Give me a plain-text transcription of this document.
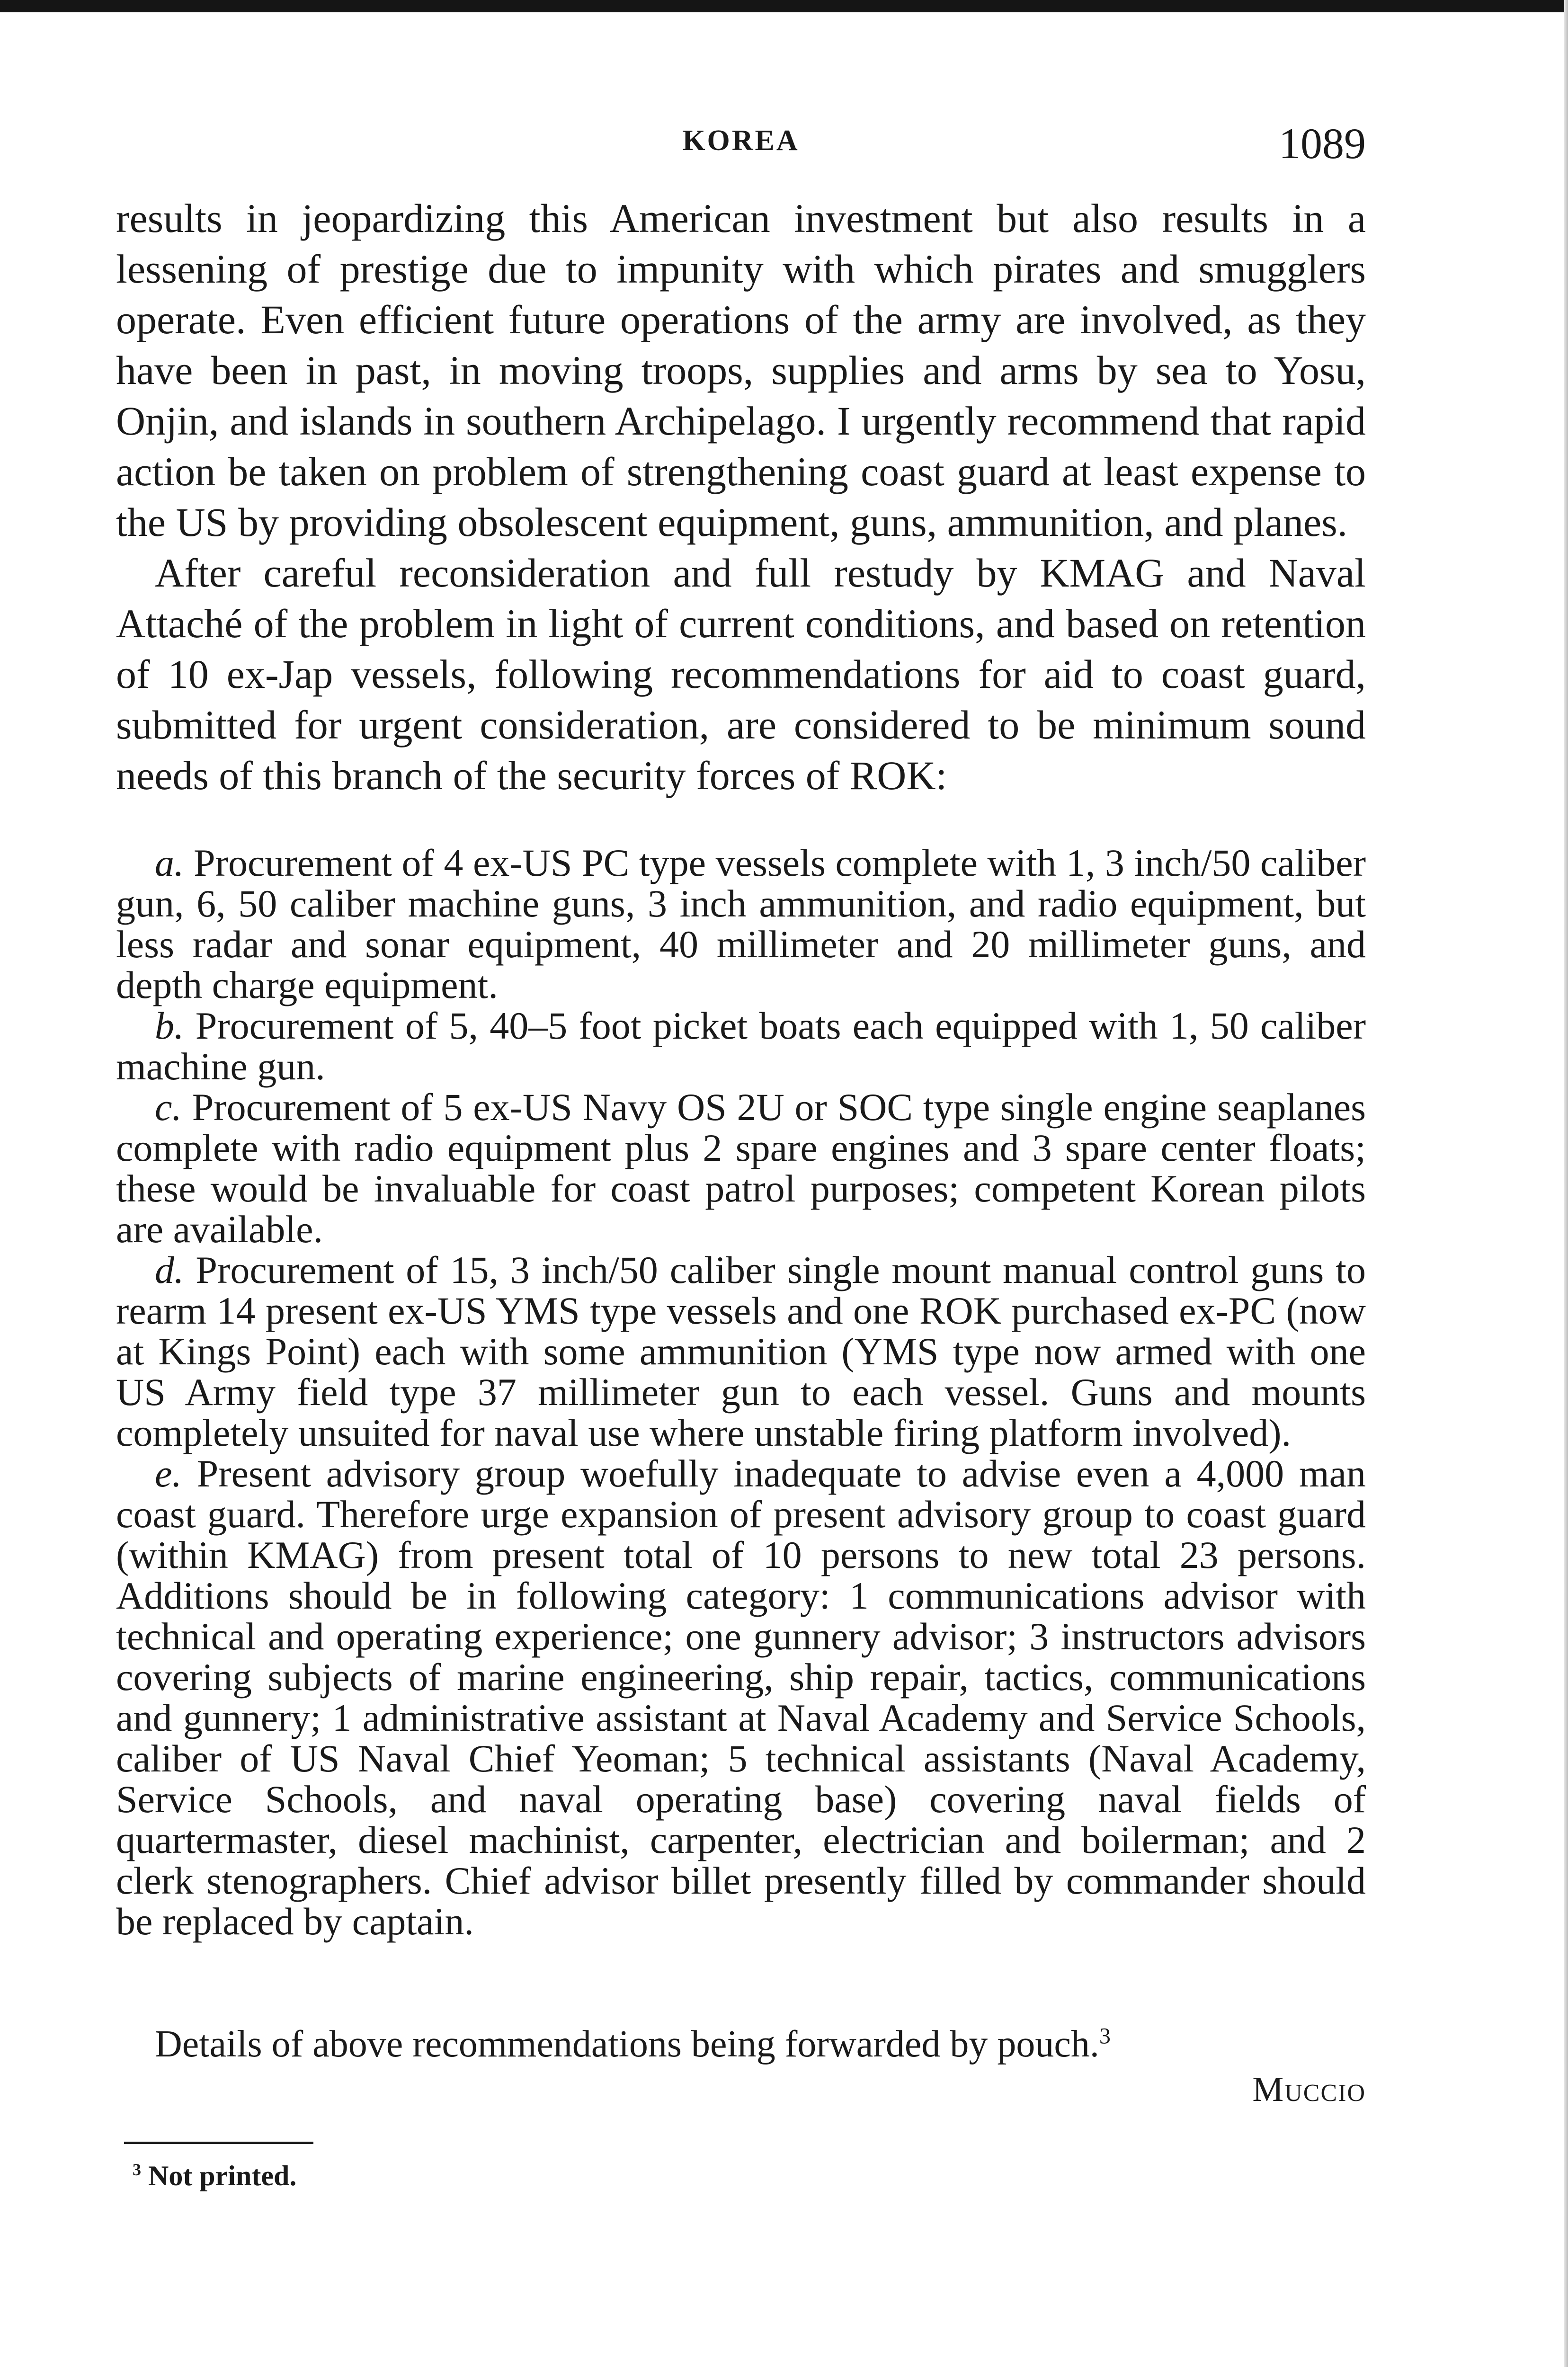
KOREA	1089

results in jeopardizing this American investment but also results in a lessening of prestige due to impunity with which pirates and smugglers operate. Even efficient future operations of the army are involved, as they have been in past, in moving troops, supplies and arms by sea to Yosu, Onjin, and islands in southern Archipelago. I urgently recommend that rapid action be taken on problem of strengthening coast guard at least expense to the US by providing obsolescent equipment, guns, ammunition, and planes.

After careful reconsideration and full restudy by KMAG and Naval Attaché of the problem in light of current conditions, and based on retention of 10 ex-Jap vessels, following recommendations for aid to coast guard, submitted for urgent consideration, are considered to be minimum sound needs of this branch of the security forces of ROK:

a. Procurement of 4 ex-US PC type vessels complete with 1, 3 inch/50 caliber gun, 6, 50 caliber machine guns, 3 inch ammunition, and radio equipment, but less radar and sonar equipment, 40 millimeter and 20 millimeter guns, and depth charge equipment.

b. Procurement of 5, 40–5 foot picket boats each equipped with 1, 50 caliber machine gun.

c. Procurement of 5 ex-US Navy OS 2U or SOC type single engine seaplanes complete with radio equipment plus 2 spare engines and 3 spare center floats; these would be invaluable for coast patrol purposes; competent Korean pilots are available.

d. Procurement of 15, 3 inch/50 caliber single mount manual control guns to rearm 14 present ex-US YMS type vessels and one ROK purchased ex-PC (now at Kings Point) each with some ammunition (YMS type now armed with one US Army field type 37 millimeter gun to each vessel. Guns and mounts completely unsuited for naval use where unstable firing platform involved).

e. Present advisory group woefully inadequate to advise even a 4,000 man coast guard. Therefore urge expansion of present advisory group to coast guard (within KMAG) from present total of 10 persons to new total 23 persons. Additions should be in following category: 1 communications advisor with technical and operating experience; one gunnery advisor; 3 instructors advisors covering subjects of marine engineering, ship repair, tactics, communications and gunnery; 1 administrative assistant at Naval Academy and Service Schools, caliber of US Naval Chief Yeoman; 5 technical assistants (Naval Academy, Service Schools, and naval operating base) covering naval fields of quartermaster, diesel machinist, carpenter, electrician and boilerman; and 2 clerk stenographers. Chief advisor billet presently filled by commander should be replaced by captain.

Details of above recommendations being forwarded by pouch.$^3$

Muccio

$^3$ Not printed.
